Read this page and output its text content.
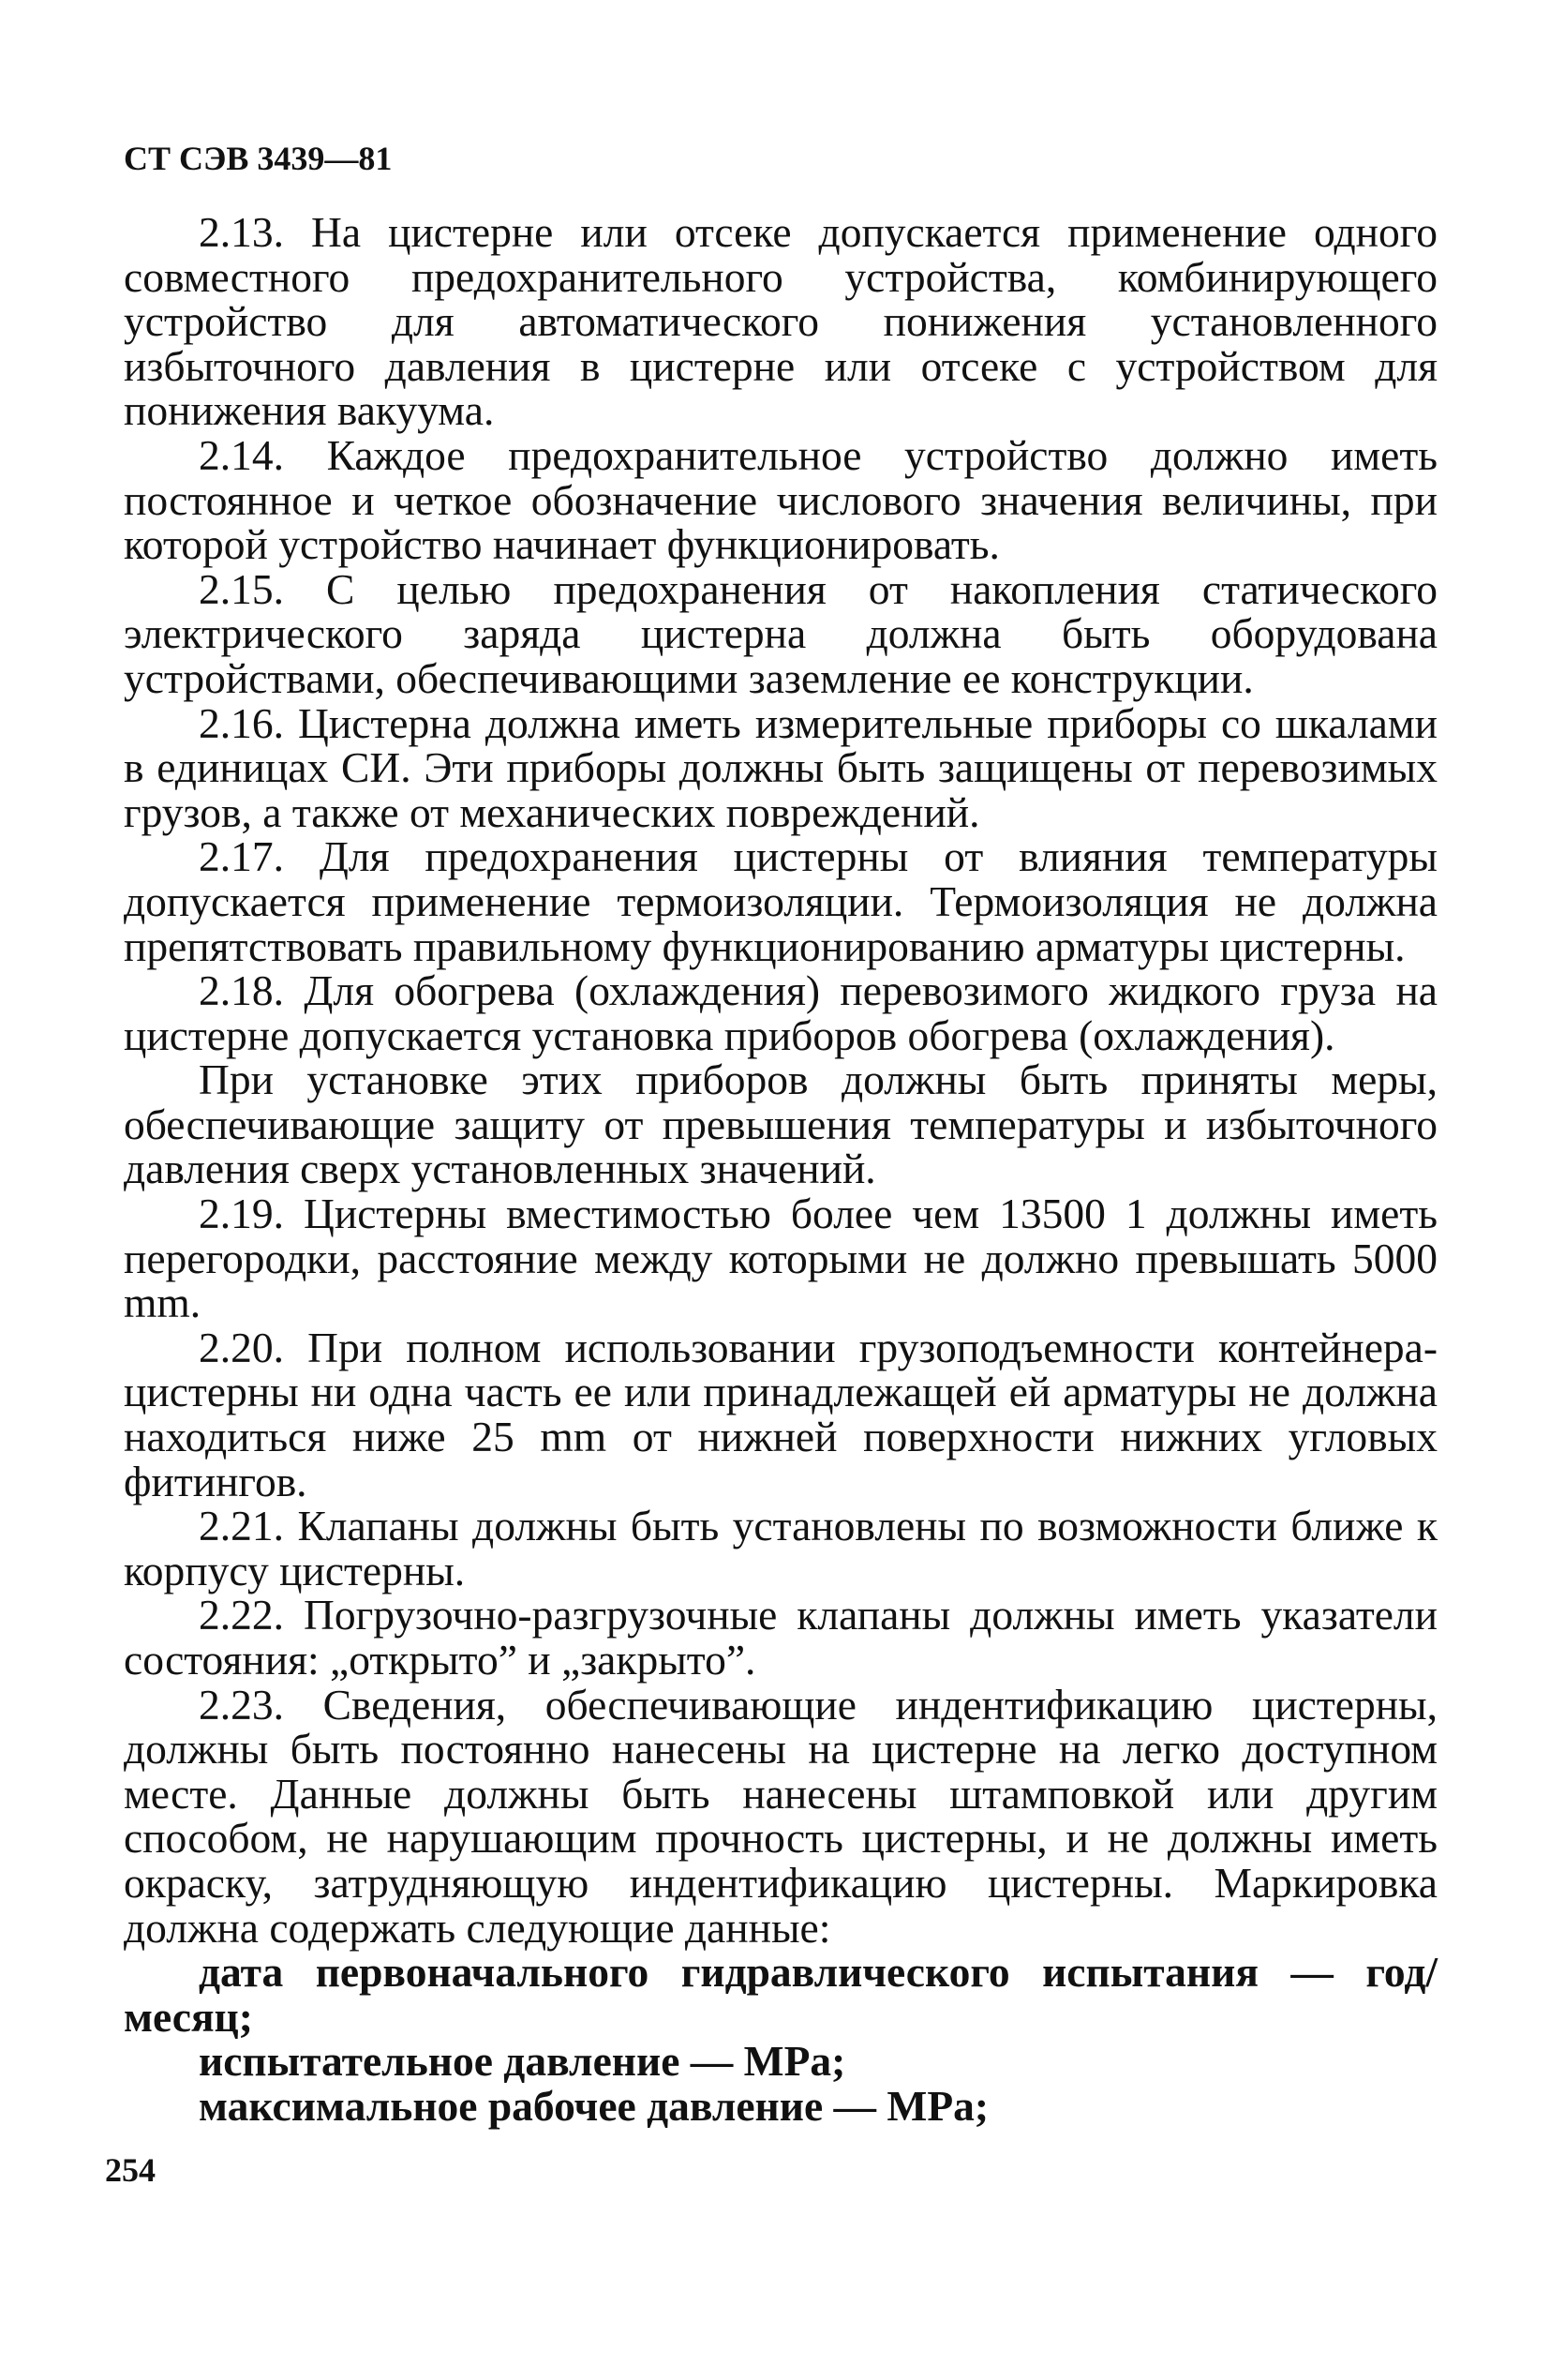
СТ СЭВ 3439—81

2.13. На цистерне или отсеке допускается применение одного совместного предохранительного устройства, комбинирующего устройство для автоматического понижения установленного избыточного давления в цистерне или отсеке с устройством для понижения вакуума.

2.14. Каждое предохранительное устройство должно иметь постоянное и четкое обозначение числового значения величины, при которой устройство начинает функционировать.

2.15. С целью предохранения от накопления статического электрического заряда цистерна должна быть оборудована устройствами, обеспечивающими заземление ее конструкции.

2.16. Цистерна должна иметь измерительные приборы со шкалами в единицах СИ. Эти приборы должны быть защищены от перевозимых грузов, а также от механических повреждений.

2.17. Для предохранения цистерны от влияния температуры допускается применение термоизоляции. Термоизоляция не должна препятствовать правильному функционированию арматуры цистерны.

2.18. Для обогрева (охлаждения) перевозимого жидкого груза на цистерне допускается установка приборов обогрева (охлаждения).

При установке этих приборов должны быть приняты меры, обеспечивающие защиту от превышения температуры и избыточного давления сверх установленных значений.

2.19. Цистерны вместимостью более чем 13500 1 должны иметь перегородки, расстояние между которыми не должно превышать 5000 mm.

2.20. При полном использовании грузоподъемности контейнера-цистерны ни одна часть ее или принадлежащей ей арматуры не должна находиться ниже 25 mm от нижней поверхности нижних угловых фитингов.

2.21. Клапаны должны быть установлены по возможности ближе к корпусу цистерны.

2.22. Погрузочно-разгрузочные клапаны должны иметь указатели состояния: „открыто” и „закрыто”.

2.23. Сведения, обеспечивающие индентификацию цистерны, должны быть постоянно нанесены на цистерне на легко доступном месте. Данные должны быть нанесены штамповкой или другим способом, не нарушающим прочность цистерны, и не должны иметь окраску, затрудняющую индентификацию цистерны. Маркировка должна содержать следующие данные:

дата первоначального гидравлического испытания — год/месяц;

испытательное давление — MPa;

максимальное рабочее давление — MPa;

254
